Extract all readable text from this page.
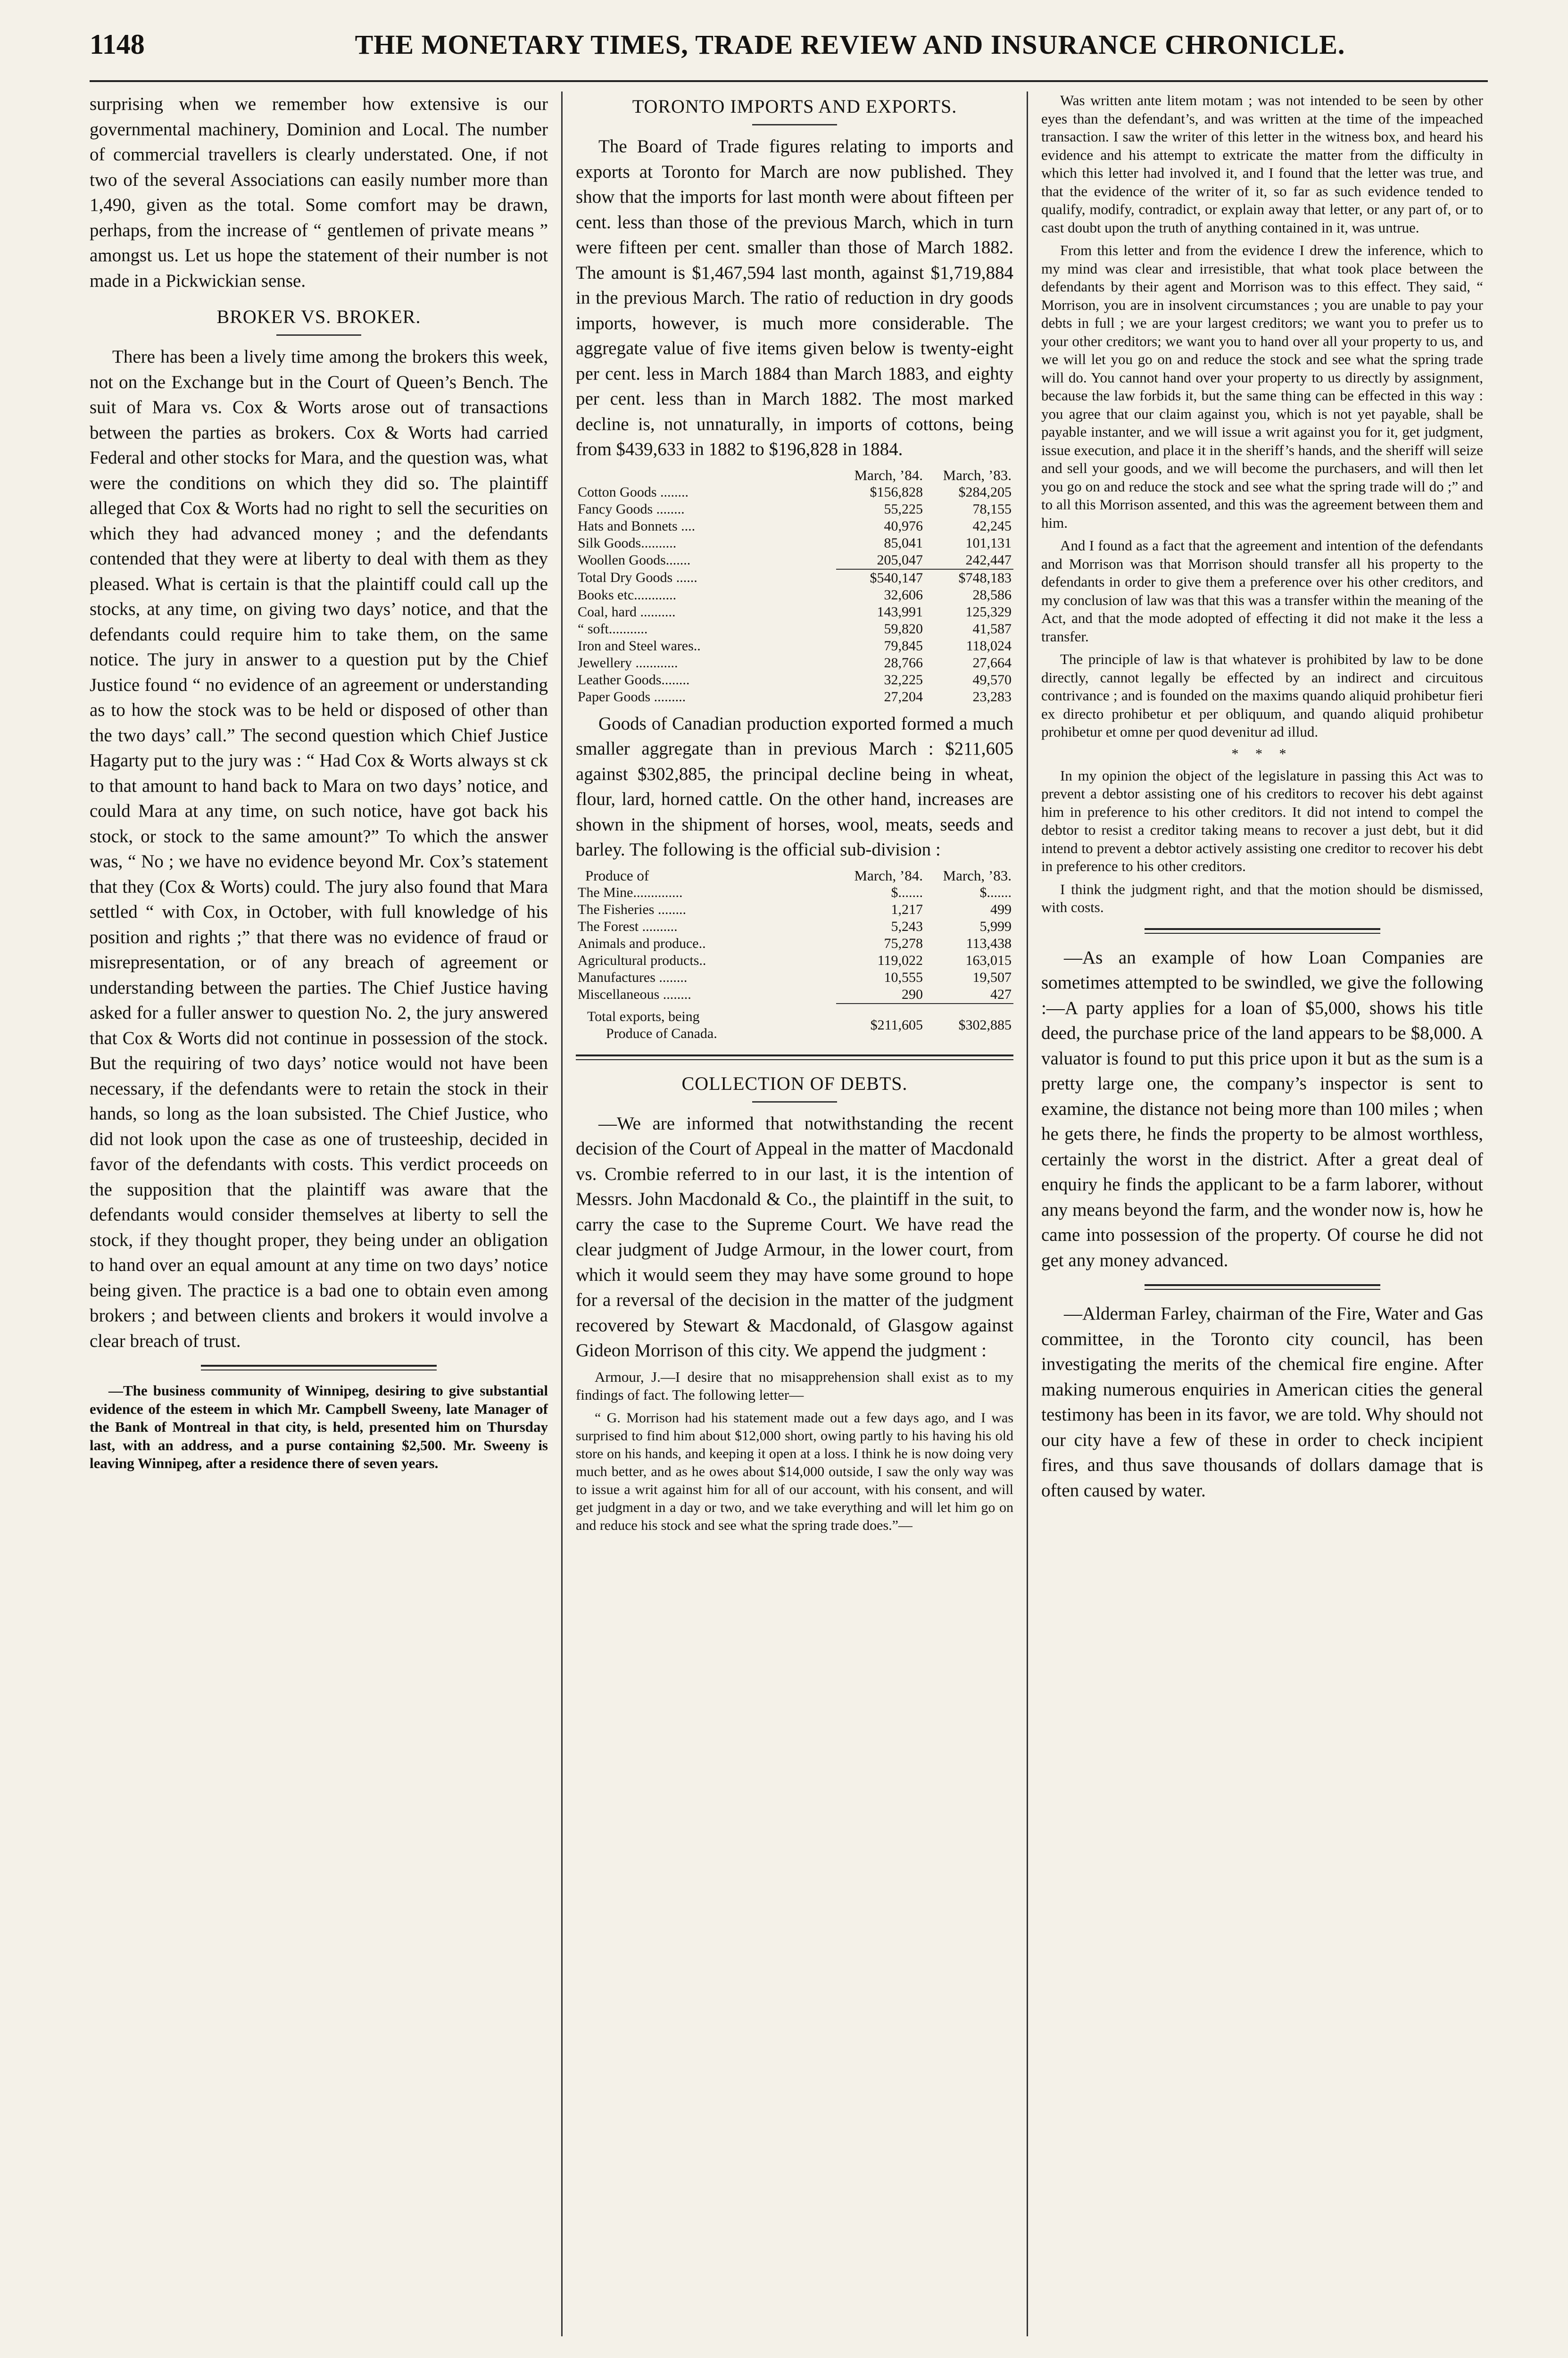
1148	THE MONETARY TIMES, TRADE REVIEW AND INSURANCE CHRONICLE.

surprising when we remember how extensive is our governmental machinery, Dominion and Local. The number of commercial travellers is clearly understated. One, if not two of the several Associations can easily number more than 1,490, given as the total. Some comfort may be drawn, perhaps, from the increase of “ gentlemen of private means ” amongst us. Let us hope the statement of their number is not made in a Pickwickian sense.

BROKER VS. BROKER.

There has been a lively time among the brokers this week, not on the Exchange but in the Court of Queen’s Bench. The suit of Mara vs. Cox & Worts arose out of transactions between the parties as brokers. Cox & Worts had carried Federal and other stocks for Mara, and the question was, what were the conditions on which they did so. The plaintiff alleged that Cox & Worts had no right to sell the securities on which they had advanced money ; and the defendants contended that they were at liberty to deal with them as they pleased. What is certain is that the plaintiff could call up the stocks, at any time, on giving two days’ notice, and that the defendants could require him to take them, on the same notice. The jury in answer to a question put by the Chief Justice found “ no evidence of an agreement or understanding as to how the stock was to be held or disposed of other than the two days’ call.” The second question which Chief Justice Hagarty put to the jury was : “ Had Cox & Worts always st ck to that amount to hand back to Mara on two days’ notice, and could Mara at any time, on such notice, have got back his stock, or stock to the same amount?” To which the answer was, “ No ; we have no evidence beyond Mr. Cox’s statement that they (Cox & Worts) could. The jury also found that Mara settled “ with Cox, in October, with full knowledge of his position and rights ;” that there was no evidence of fraud or misrepresentation, or of any breach of agreement or understanding between the parties. The Chief Justice having asked for a fuller answer to question No. 2, the jury answered that Cox & Worts did not continue in possession of the stock. But the requiring of two days’ notice would not have been necessary, if the defendants were to retain the stock in their hands, so long as the loan subsisted. The Chief Justice, who did not look upon the case as one of trusteeship, decided in favor of the defendants with costs. This verdict proceeds on the supposition that the plaintiff was aware that the defendants would consider themselves at liberty to sell the stock, if they thought proper, they being under an obligation to hand over an equal amount at any time on two days’ notice being given. The practice is a bad one to obtain even among brokers ; and between clients and brokers it would involve a clear breach of trust.

—The business community of Winnipeg, desiring to give substantial evidence of the esteem in which Mr. Campbell Sweeny, late Manager of the Bank of Montreal in that city, is held, presented him on Thursday last, with an address, and a purse containing $2,500. Mr. Sweeny is leaving Winnipeg, after a residence there of seven years.

TORONTO IMPORTS AND EXPORTS.

The Board of Trade figures relating to imports and exports at Toronto for March are now published. They show that the imports for last month were about fifteen per cent. less than those of the previous March, which in turn were fifteen per cent. smaller than those of March 1882. The amount is $1,467,594 last month, against $1,719,884 in the previous March. The ratio of reduction in dry goods imports, however, is much more considerable. The aggregate value of five items given below is twenty-eight per cent. less in March 1884 than March 1883, and eighty per cent. less than in March 1882. The most marked decline is, not unnaturally, in imports of cottons, being from $439,633 in 1882 to $196,828 in 1884.

	March, ’84.	March, ’83.
Cotton Goods ........	$156,828	$284,205
Fancy Goods ........	55,225	78,155
Hats and Bonnets ....	40,976	42,245
Silk Goods..........	85,041	101,131
Woollen Goods.......	205,047	242,447
Total Dry Goods ......	$540,147	$748,183
Books etc............	32,606	28,586
Coal, hard ..........	143,991	125,329
“ soft...........	59,820	41,587
Iron and Steel wares..	79,845	118,024
Jewellery ............	28,766	27,664
Leather Goods........	32,225	49,570
Paper Goods .........	27,204	23,283

Goods of Canadian production exported formed a much smaller aggregate than in previous March : $211,605 against $302,885, the principal decline being in wheat, flour, lard, horned cattle. On the other hand, increases are shown in the shipment of horses, wool, meats, seeds and barley. The following is the official sub-division :

Produce of	March, ’84.	March, ’83.
The Mine..............	$.......	$.......
The Fisheries ........	1,217	499
The Forest ..........	5,243	5,999
Animals and produce..	75,278	113,438
Agricultural products..	119,022	163,015
Manufactures ........	10,555	19,507
Miscellaneous ........	290	427

Total exports, being
Produce of Canada.	$211,605	$302,885
COLLECTION OF DEBTS.

—We are informed that notwithstanding the recent decision of the Court of Appeal in the matter of Macdonald vs. Crombie referred to in our last, it is the intention of Messrs. John Macdonald & Co., the plaintiff in the suit, to carry the case to the Supreme Court. We have read the clear judgment of Judge Armour, in the lower court, from which it would seem they may have some ground to hope for a reversal of the decision in the matter of the judgment recovered by Stewart & Macdonald, of Glasgow against Gideon Morrison of this city. We append the judgment :

Armour, J.—I desire that no misapprehension shall exist as to my findings of fact. The following letter—

“ G. Morrison had his statement made out a few days ago, and I was surprised to find him about $12,000 short, owing partly to his having his old store on his hands, and keeping it open at a loss. I think he is now doing very much better, and as he owes about $14,000 outside, I saw the only way was to issue a writ against him for all of our account, with his consent, and will get judgment in a day or two, and we take everything and will let him go on and reduce his stock and see what the spring trade does.”—

Was written ante litem motam ; was not intended to be seen by other eyes than the defendant’s, and was written at the time of the impeached transaction. I saw the writer of this letter in the witness box, and heard his evidence and his attempt to extricate the matter from the difficulty in which this letter had involved it, and I found that the letter was true, and that the evidence of the writer of it, so far as such evidence tended to qualify, modify, contradict, or explain away that letter, or any part of, or to cast doubt upon the truth of anything contained in it, was untrue.

From this letter and from the evidence I drew the inference, which to my mind was clear and irresistible, that what took place between the defendants by their agent and Morrison was to this effect. They said, “ Morrison, you are in insolvent circumstances ; you are unable to pay your debts in full ; we are your largest creditors; we want you to prefer us to your other creditors; we want you to hand over all your property to us, and we will let you go on and reduce the stock and see what the spring trade will do. You cannot hand over your property to us directly by assignment, because the law forbids it, but the same thing can be effected in this way : you agree that our claim against you, which is not yet payable, shall be payable instanter, and we will issue a writ against you for it, get judgment, issue execution, and place it in the sheriff’s hands, and the sheriff will seize and sell your goods, and we will become the purchasers, and will then let you go on and reduce the stock and see what the spring trade will do ;” and to all this Morrison assented, and this was the agreement between them and him.

And I found as a fact that the agreement and intention of the defendants and Morrison was that Morrison should transfer all his property to the defendants in order to give them a preference over his other creditors, and my conclusion of law was that this was a transfer within the meaning of the Act, and that the mode adopted of effecting it did not make it the less a transfer.

The principle of law is that whatever is prohibited by law to be done directly, cannot legally be effected by an indirect and circuitous contrivance ; and is founded on the maxims quando aliquid prohibetur fieri ex directo prohibetur et per obliquum, and quando aliquid prohibetur prohibetur et omne per quod devenitur ad illud.

* * *

In my opinion the object of the legislature in passing this Act was to prevent a debtor assisting one of his creditors to recover his debt against him in preference to his other creditors. It did not intend to compel the debtor to resist a creditor taking means to recover a just debt, but it did intend to prevent a debtor actively assisting one creditor to recover his debt in preference to his other creditors.

I think the judgment right, and that the motion should be dismissed, with costs.

—As an example of how Loan Companies are sometimes attempted to be swindled, we give the following :—A party applies for a loan of $5,000, shows his title deed, the purchase price of the land appears to be $8,000. A valuator is found to put this price upon it but as the sum is a pretty large one, the company’s inspector is sent to examine, the distance not being more than 100 miles ; when he gets there, he finds the property to be almost worthless, certainly the worst in the district. After a great deal of enquiry he finds the applicant to be a farm laborer, without any means beyond the farm, and the wonder now is, how he came into possession of the property. Of course he did not get any money advanced.

—Alderman Farley, chairman of the Fire, Water and Gas committee, in the Toronto city council, has been investigating the merits of the chemical fire engine. After making numerous enquiries in American cities the general testimony has been in its favor, we are told. Why should not our city have a few of these in order to check incipient fires, and thus save thousands of dollars damage that is often caused by water.
